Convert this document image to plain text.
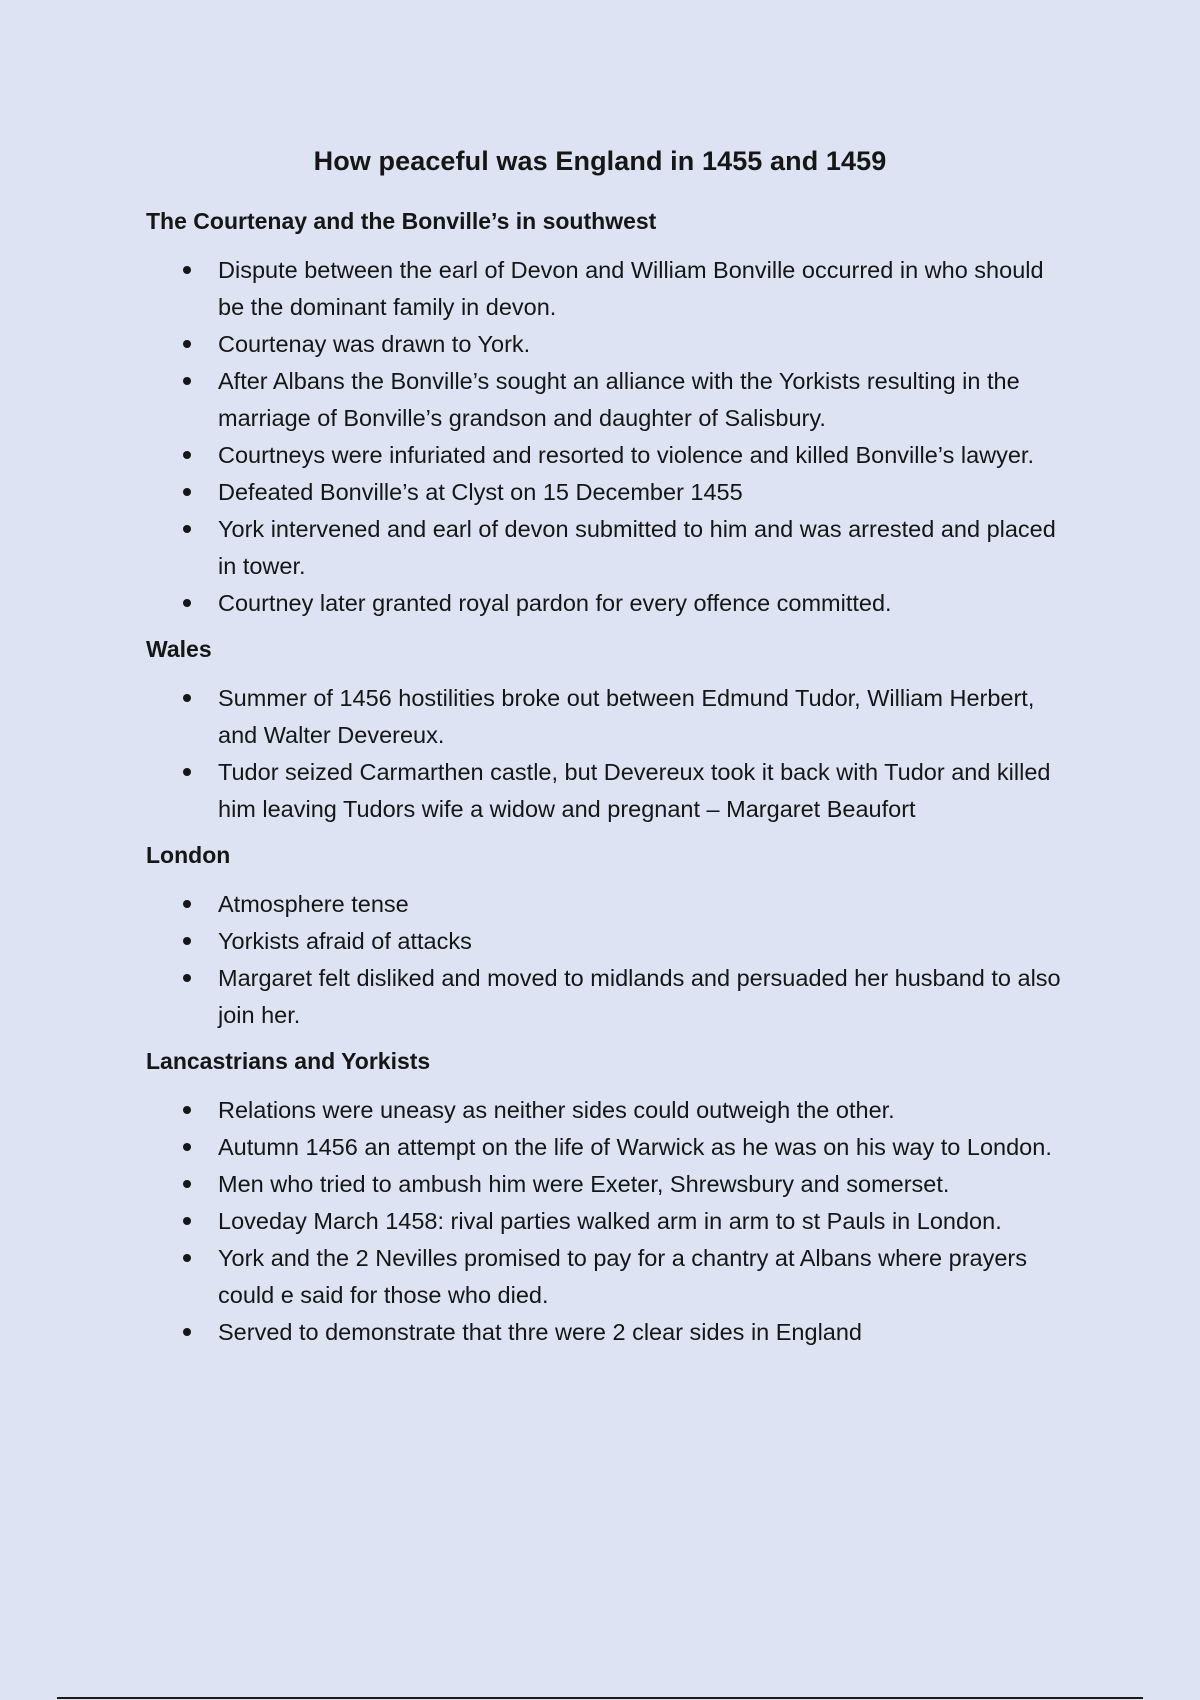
How peaceful was England in 1455 and 1459
The Courtenay and the Bonville’s in southwest
Dispute between the earl of Devon and William Bonville occurred in who should be the dominant family in devon.
Courtenay was drawn to York.
After Albans the Bonville’s sought an alliance with the Yorkists resulting in the marriage of Bonville’s grandson and daughter of Salisbury.
Courtneys were infuriated and resorted to violence and killed Bonville’s lawyer.
Defeated Bonville’s at Clyst on 15 December 1455
York intervened and earl of devon submitted to him and was arrested and placed in tower.
Courtney later granted royal pardon for every offence committed.
Wales
Summer of 1456 hostilities broke out between Edmund Tudor, William Herbert, and Walter Devereux.
Tudor seized Carmarthen castle, but Devereux took it back with Tudor and killed him leaving Tudors wife a widow and pregnant – Margaret Beaufort
London
Atmosphere tense
Yorkists afraid of attacks
Margaret felt disliked and moved to midlands and persuaded her husband to also join her.
Lancastrians and Yorkists
Relations were uneasy as neither sides could outweigh the other.
Autumn 1456 an attempt on the life of Warwick as he was on his way to London.
Men who tried to ambush him were Exeter, Shrewsbury and somerset.
Loveday March 1458: rival parties walked arm in arm to st Pauls in London.
York and the 2 Nevilles promised to pay for a chantry at Albans where prayers could e said for those who died.
Served to demonstrate that thre were 2 clear sides in England
